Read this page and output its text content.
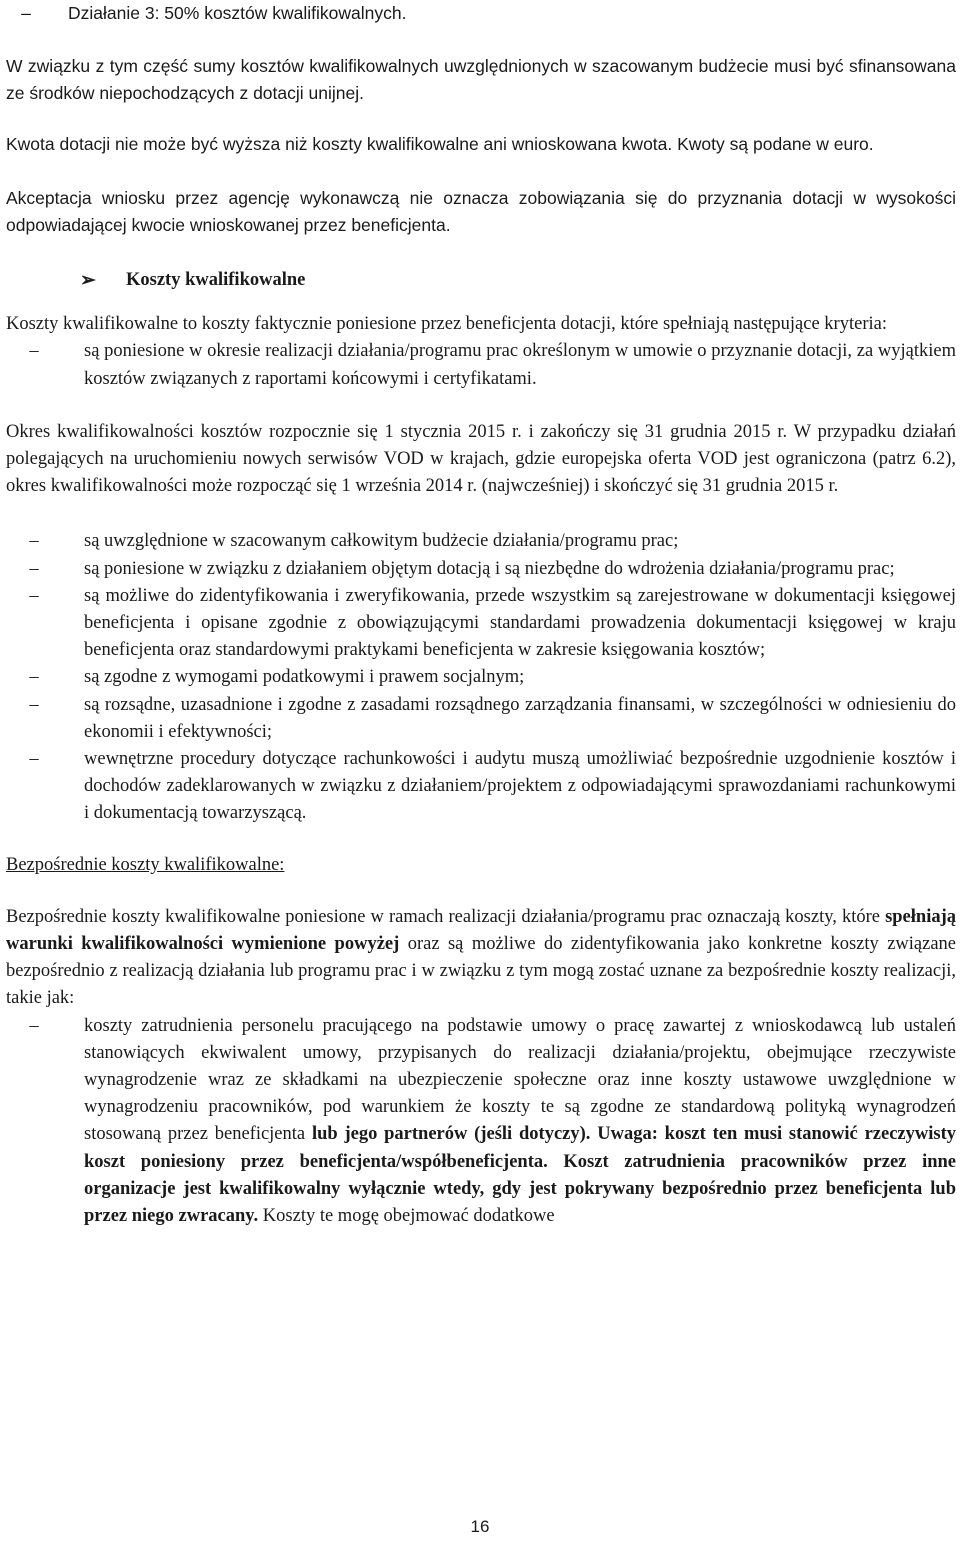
–	Działanie 3: 50% kosztów kwalifikowalnych.

W związku z tym część sumy kosztów kwalifikowalnych uwzględnionych w szacowanym budżecie musi być sfinansowana ze środków niepochodzących z dotacji unijnej.

Kwota dotacji nie może być wyższa niż koszty kwalifikowalne ani wnioskowana kwota. Kwoty są podane w euro.

Akceptacja wniosku przez agencję wykonawczą nie oznacza zobowiązania się do przyznania dotacji w wysokości odpowiadającej kwocie wnioskowanej przez beneficjenta.

➢ Koszty kwalifikowalne

Koszty kwalifikowalne to koszty faktycznie poniesione przez beneficjenta dotacji, które spełniają następujące kryteria:

–	są poniesione w okresie realizacji działania/programu prac określonym w umowie o przyznanie dotacji, za wyjątkiem kosztów związanych z raportami końcowymi i certyfikatami.

Okres kwalifikowalności kosztów rozpocznie się 1 stycznia 2015 r. i zakończy się 31 grudnia 2015 r. W przypadku działań polegających na uruchomieniu nowych serwisów VOD w krajach, gdzie europejska oferta VOD jest ograniczona (patrz 6.2), okres kwalifikowalności może rozpocząć się 1 września 2014 r. (najwcześniej) i skończyć się 31 grudnia 2015 r.

–	są uwzględnione w szacowanym całkowitym budżecie działania/programu prac;
–	są poniesione w związku z działaniem objętym dotacją i są niezbędne do wdrożenia działania/programu prac;
–	są możliwe do zidentyfikowania i zweryfikowania, przede wszystkim są zarejestrowane w dokumentacji księgowej beneficjenta i opisane zgodnie z obowiązującymi standardami prowadzenia dokumentacji księgowej w kraju beneficjenta oraz standardowymi praktykami beneficjenta w zakresie księgowania kosztów;
–	są zgodne z wymogami podatkowymi i prawem socjalnym;
–	są rozsądne, uzasadnione i zgodne z zasadami rozsądnego zarządzania finansami, w szczególności w odniesieniu do ekonomii i efektywności;
–	wewnętrzne procedury dotyczące rachunkowości i audytu muszą umożliwiać bezpośrednie uzgodnienie kosztów i dochodów zadeklarowanych w związku z działaniem/projektem z odpowiadającymi sprawozdaniami rachunkowymi i dokumentacją towarzyszącą.

Bezpośrednie koszty kwalifikowalne:

Bezpośrednie koszty kwalifikowalne poniesione w ramach realizacji działania/programu prac oznaczają koszty, które spełniają warunki kwalifikowalności wymienione powyżej oraz są możliwe do zidentyfikowania jako konkretne koszty związane bezpośrednio z realizacją działania lub programu prac i w związku z tym mogą zostać uznane za bezpośrednie koszty realizacji, takie jak:

–	koszty zatrudnienia personelu pracującego na podstawie umowy o pracę zawartej z wnioskodawcą lub ustaleń stanowiących ekwiwalent umowy, przypisanych do realizacji działania/projektu, obejmujące rzeczywiste wynagrodzenie wraz ze składkami na ubezpieczenie społeczne oraz inne koszty ustawowe uwzględnione w wynagrodzeniu pracowników, pod warunkiem że koszty te są zgodne ze standardową polityką wynagrodzeń stosowaną przez beneficjenta lub jego partnerów (jeśli dotyczy). Uwaga: koszt ten musi stanowić rzeczywisty koszt poniesiony przez beneficjenta/współbeneficjenta. Koszt zatrudnienia pracowników przez inne organizacje jest kwalifikowalny wyłącznie wtedy, gdy jest pokrywany bezpośrednio przez beneficjenta lub przez niego zwracany. Koszty te mogę obejmować dodatkowe
16
